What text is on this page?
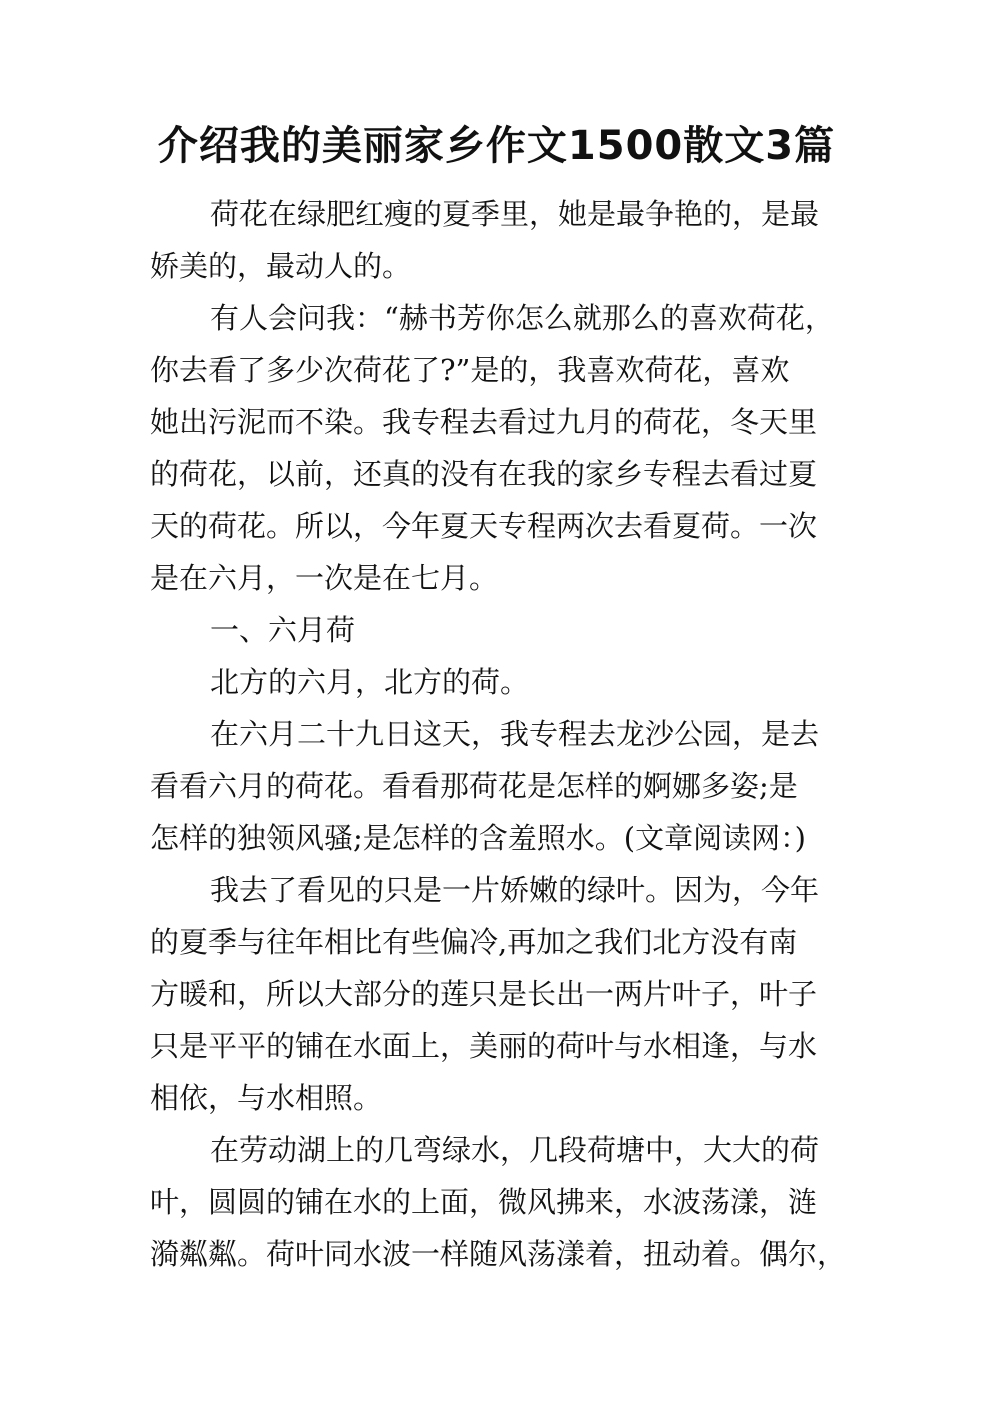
介绍我的美丽家乡作文1500散文3篇
荷花在绿肥红瘦的夏季里，她是最争艳的，是最
娇美的，最动人的。
有人会问我：“赫书芳你怎么就那么的喜欢荷花，
你去看了多少次荷花了?”是的，我喜欢荷花，喜欢
她出污泥而不染。我专程去看过九月的荷花，冬天里
的荷花，以前，还真的没有在我的家乡专程去看过夏
天的荷花。所以，今年夏天专程两次去看夏荷。一次
是在六月，一次是在七月。
一、六月荷
北方的六月，北方的荷。
在六月二十九日这天，我专程去龙沙公园，是去
看看六月的荷花。看看那荷花是怎样的婀娜多姿;是
怎样的独领风骚;是怎样的含羞照水。(文章阅读网：)
我去了看见的只是一片娇嫩的绿叶。因为，今年
的夏季与往年相比有些偏冷,再加之我们北方没有南
方暖和，所以大部分的莲只是长出一两片叶子，叶子
只是平平的铺在水面上，美丽的荷叶与水相逢，与水
相依，与水相照。
在劳动湖上的几弯绿水，几段荷塘中，大大的荷
叶，圆圆的铺在水的上面，微风拂来，水波荡漾，涟
漪粼粼。荷叶同水波一样随风荡漾着，扭动着。偶尔，
